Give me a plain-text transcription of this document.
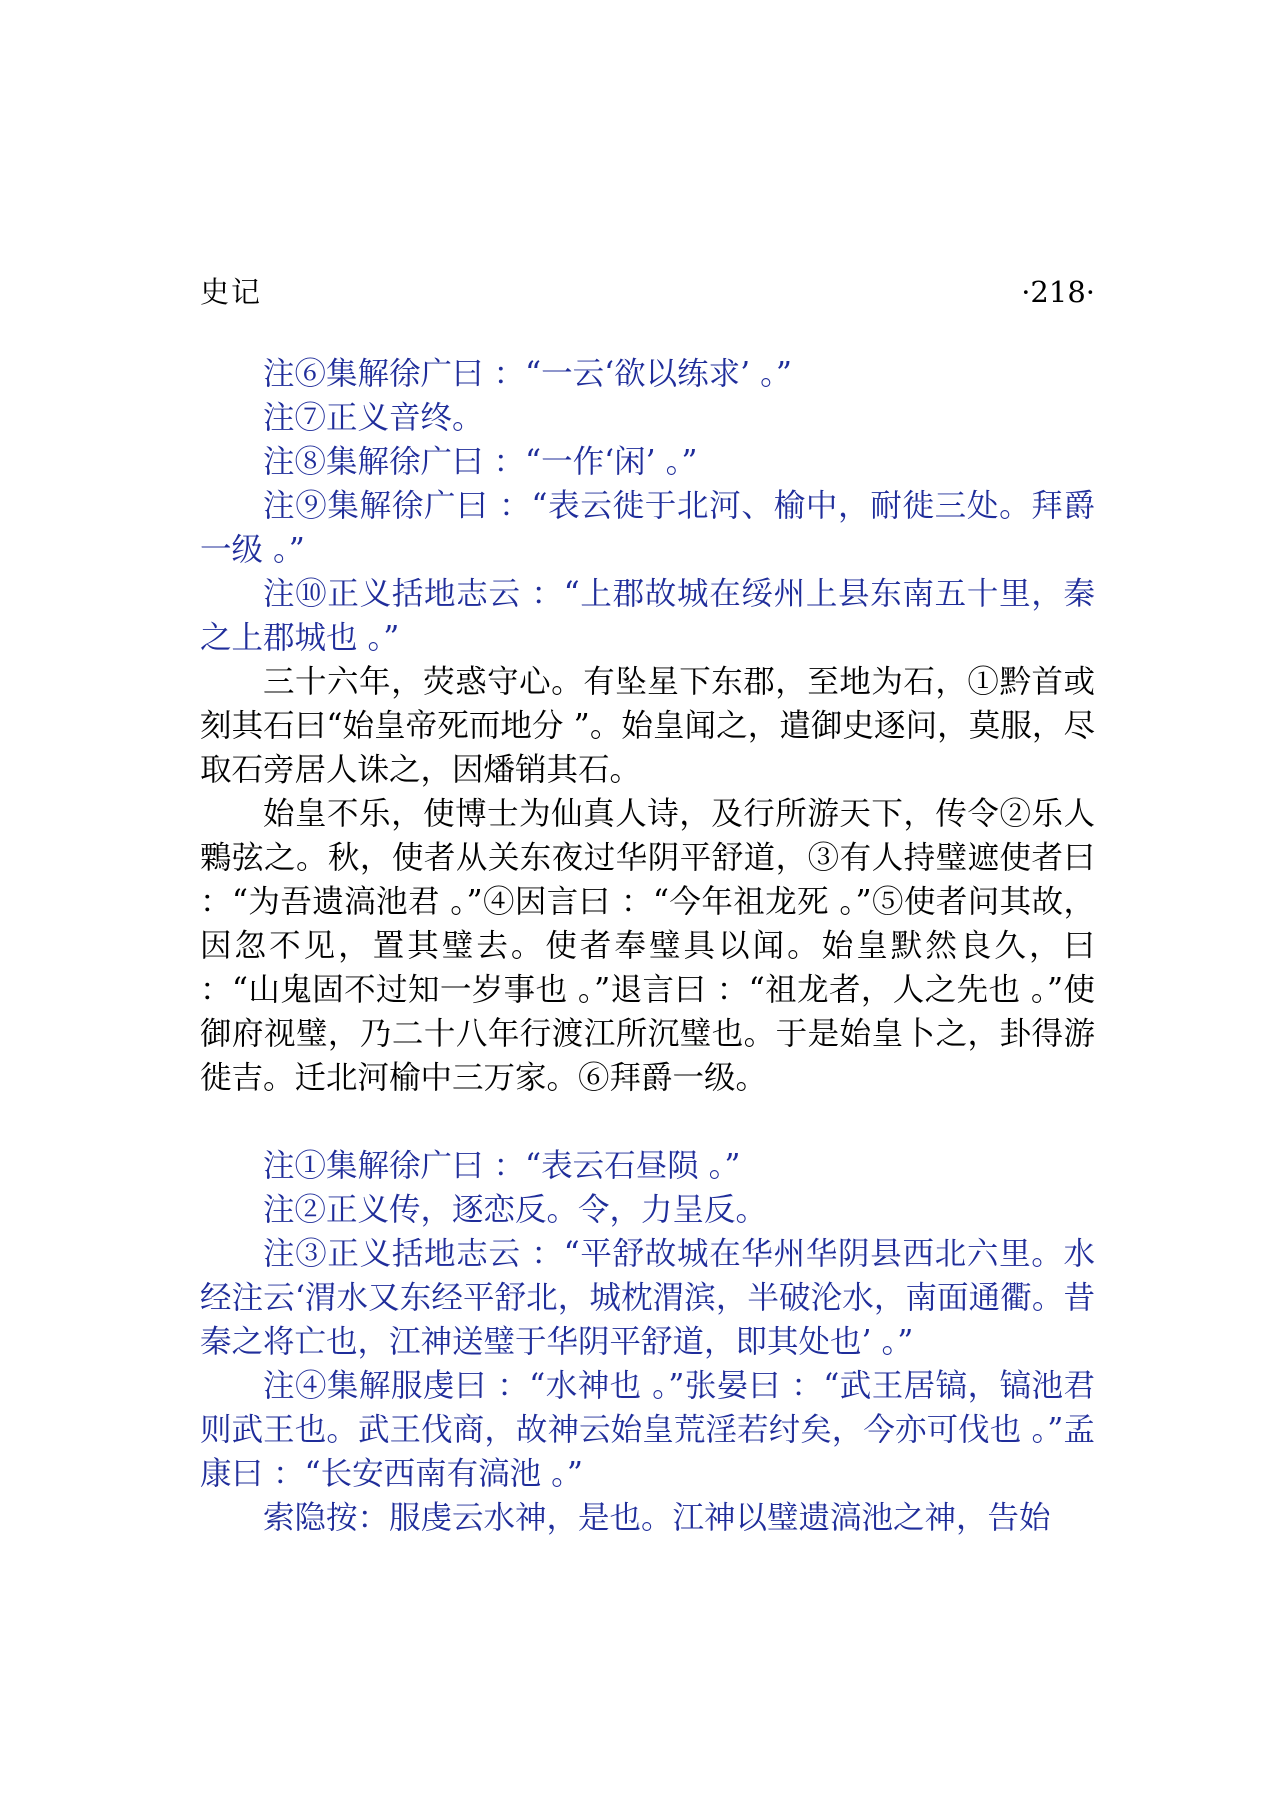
史记	·218·

注⑥集解徐广曰 ：“一云‘欲以练求’ 。”

注⑦正义音终。

注⑧集解徐广曰 ：“一作‘闲’ 。”

注⑨集解徐广曰 ：“表云徙于北河、榆中，耐徙三处。拜爵一级 。”

注⑩正义括地志云 ：“上郡故城在绥州上县东南五十里，秦之上郡城也 。”

三十六年，荧惑守心。有坠星下东郡，至地为石，①黔首或刻其石曰“始皇帝死而地分 ”。始皇闻之，遣御史逐问，莫服，尽取石旁居人诛之，因燔销其石。

始皇不乐，使博士为仙真人诗，及行所游天下，传令②乐人鷅弦之。秋，使者从关东夜过华阴平舒道，③有人持璧遮使者曰 ：“为吾遗滈池君 。”④因言曰 ：“今年祖龙死 。”⑤使者问其故，因忽不见，置其璧去。使者奉璧具以闻。始皇默然良久，曰 ：“山鬼固不过知一岁事也 。”退言曰 ：“祖龙者，人之先也 。”使御府视璧，乃二十八年行渡江所沉璧也。于是始皇卜之，卦得游徙吉。迁北河榆中三万家。⑥拜爵一级。

注①集解徐广曰 ：“表云石昼陨 。”

注②正义传，逐恋反。令，力呈反。

注③正义括地志云 ：“平舒故城在华州华阴县西北六里。水经注云‘渭水又东经平舒北，城枕渭滨，半破沦水，南面通衢。昔秦之将亡也，江神送璧于华阴平舒道，即其处也’ 。”

注④集解服虔曰 ：“水神也 。”张晏曰 ：“武王居镐，镐池君则武王也。武王伐商，故神云始皇荒淫若纣矣，今亦可伐也 。”孟康曰 ：“长安西南有滈池 。”

索隐按：服虔云水神，是也。江神以璧遗滈池之神，告始
